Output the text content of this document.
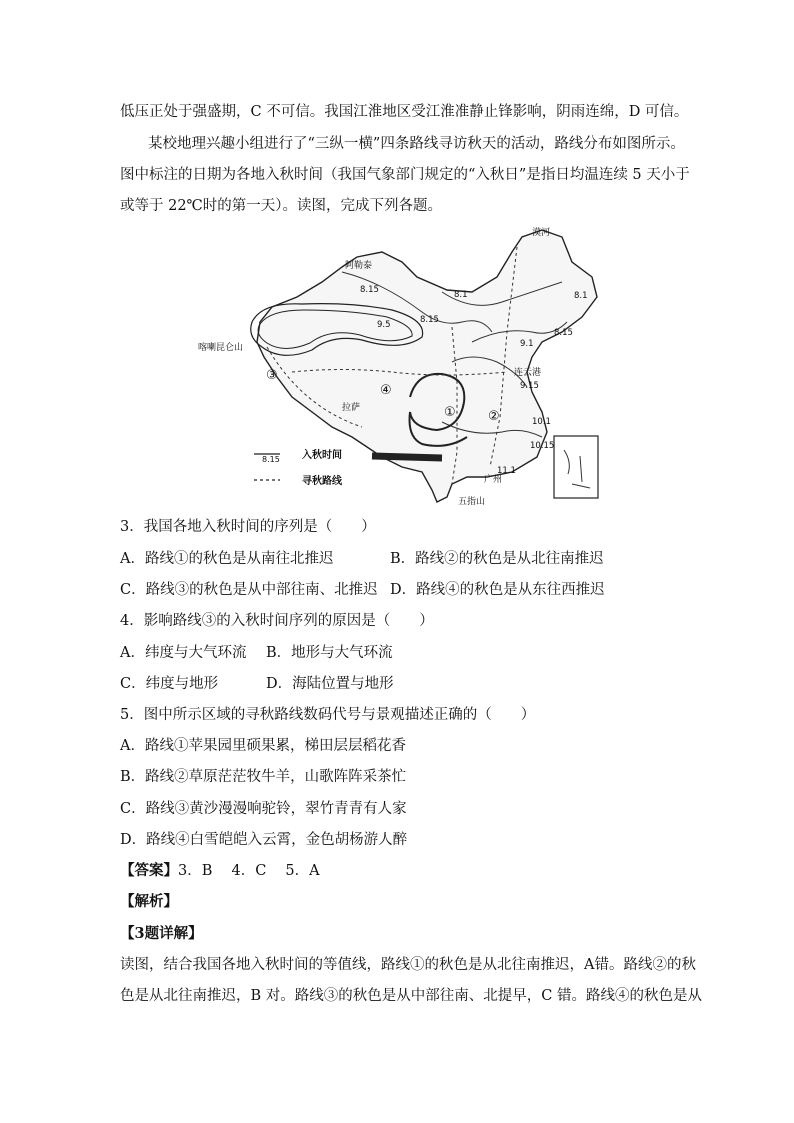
低压正处于强盛期，C 不可信。我国江淮地区受江淮准静止锋影响，阴雨连绵，D 可信。
某校地理兴趣小组进行了“三纵一横”四条路线寻访秋天的活动，路线分布如图所示。
图中标注的日期为各地入秋时间（我国气象部门规定的“入秋日”是指日均温连续 5 天小于
或等于 22℃时的第一天）。读图，完成下列各题。
漠河
阿勒泰
喀喇昆仑山
连云港
拉萨
广州
五指山
8.15	8.1	8.1
9.5	8.15
8.15
9.1
9.15
10.1
10.15
11.1
① ②
③
④
8.15 入秋时间
寻秋路线
3．我国各地入秋时间的序列是（　　）
A．路线①的秋色是从南往北推迟	B．路线②的秋色是从北往南推迟
C．路线③的秋色是从中部往南、北推迟 D．路线④的秋色是从东往西推迟
4．影响路线③的入秋时间序列的原因是（　　）
A．纬度与大气环流 B．地形与大气环流
C．纬度与地形	D．海陆位置与地形
5．图中所示区域的寻秋路线数码代号与景观描述正确的（　　）
A．路线①苹果园里硕果累，梯田层层稻花香
B．路线②草原茫茫牧牛羊，山歌阵阵采茶忙
C．路线③黄沙漫漫响驼铃，翠竹青青有人家
D．路线④白雪皑皑入云霄，金色胡杨游人醉
【答案】3．B　 4．C　 5．A
【解析】
【3题详解】
读图，结合我国各地入秋时间的等值线，路线①的秋色是从北往南推迟，A错。路线②的秋
色是从北往南推迟，B 对。路线③的秋色是从中部往南、北提早，C 错。路线④的秋色是从
